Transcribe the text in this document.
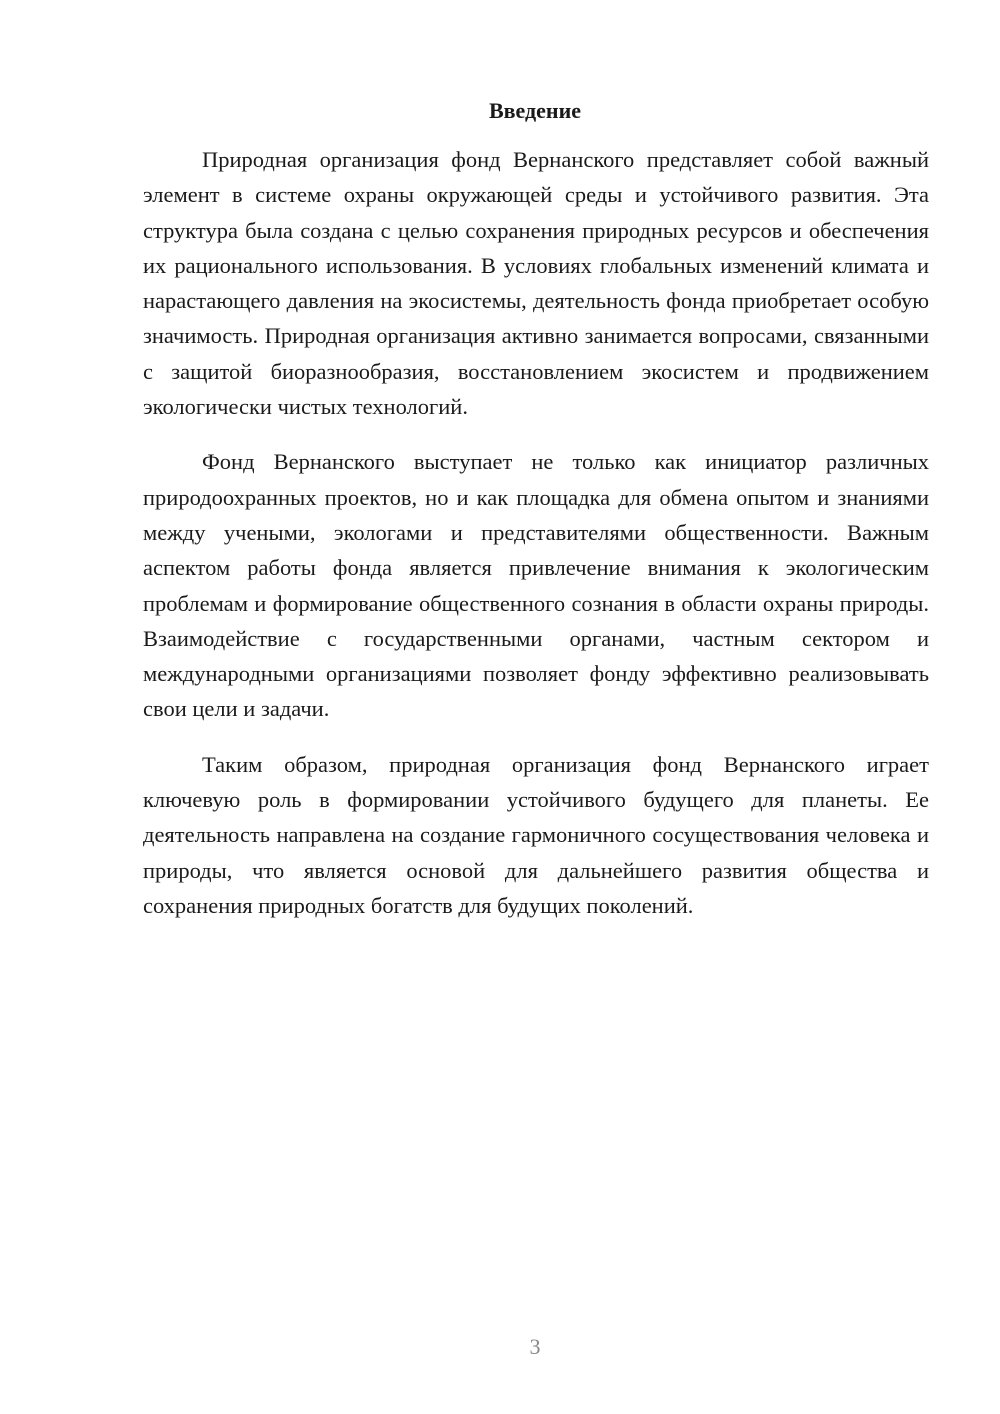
Введение

Природная организация фонд Вернанского представляет собой важный элемент в системе охраны окружающей среды и устойчивого развития. Эта структура была создана с целью сохранения природных ресурсов и обеспечения их рационального использования. В условиях глобальных изменений климата и нарастающего давления на экосистемы, деятельность фонда приобретает особую значимость. Природная организация активно занимается вопросами, связанными с защитой биоразнообразия, восстановлением экосистем и продвижением экологически чистых технологий.

Фонд Вернанского выступает не только как инициатор различных природоохранных проектов, но и как площадка для обмена опытом и знаниями между учеными, экологами и представителями общественности. Важным аспектом работы фонда является привлечение внимания к экологическим проблемам и формирование общественного сознания в области охраны природы. Взаимодействие с государственными органами, частным сектором и международными организациями позволяет фонду эффективно реализовывать свои цели и задачи.

Таким образом, природная организация фонд Вернанского играет ключевую роль в формировании устойчивого будущего для планеты. Ее деятельность направлена на создание гармоничного сосуществования человека и природы, что является основой для дальнейшего развития общества и сохранения природных богатств для будущих поколений.

3
